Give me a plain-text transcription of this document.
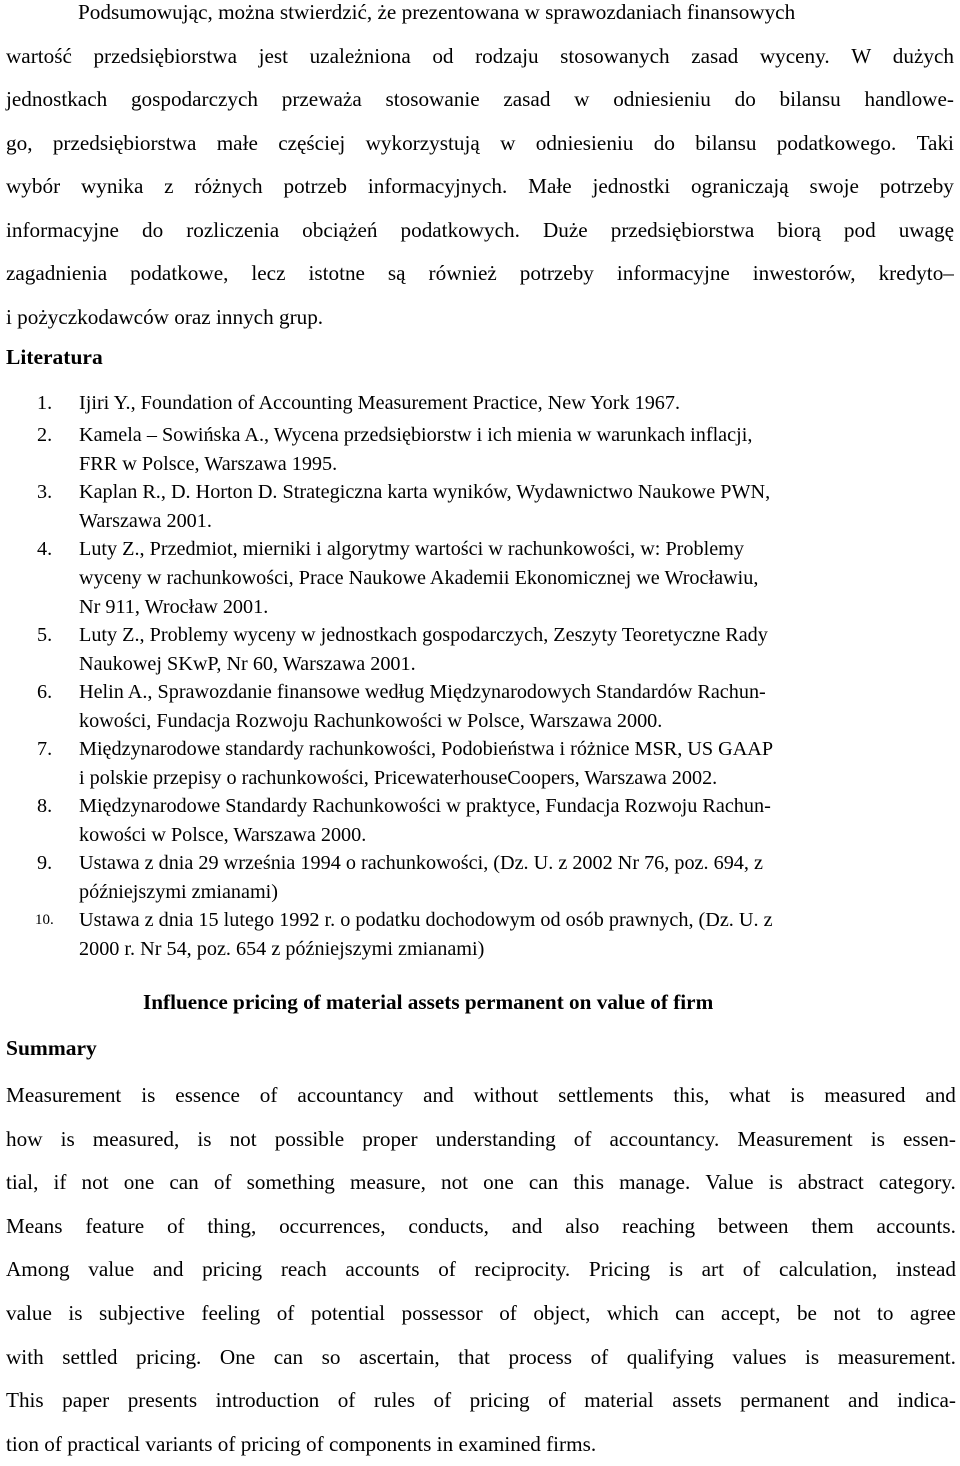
Podsumowując, można stwierdzić, że prezentowana w sprawozdaniach finansowych
wartość przedsiębiorstwa jest uzależniona od rodzaju stosowanych zasad wyceny. W dużych
jednostkach gospodarczych przeważa stosowanie zasad w odniesieniu do bilansu handlowe-
go, przedsiębiorstwa małe częściej wykorzystują w odniesieniu do bilansu podatkowego. Taki
wybór wynika z różnych potrzeb informacyjnych. Małe jednostki ograniczają swoje potrzeby
informacyjne do rozliczenia obciążeń podatkowych. Duże przedsiębiorstwa biorą pod uwagę
zagadnienia podatkowe, lecz istotne są również potrzeby informacyjne inwestorów, kredyto–
i pożyczkodawców oraz innych grup.
Literatura
1. Ijiri Y., Foundation of Accounting Measurement Practice, New York 1967.
2. Kamela – Sowińska A., Wycena przedsiębiorstw i ich mienia w warunkach inflacji,
FRR w Polsce, Warszawa 1995.
3. Kaplan R., D. Horton D. Strategiczna karta wyników, Wydawnictwo Naukowe PWN,
Warszawa 2001.
4. Luty Z., Przedmiot, mierniki i algorytmy wartości w rachunkowości, w: Problemy
wyceny w rachunkowości, Prace Naukowe Akademii Ekonomicznej we Wrocławiu,
Nr 911, Wrocław 2001.
5. Luty Z., Problemy wyceny w jednostkach gospodarczych, Zeszyty Teoretyczne Rady
Naukowej SKwP, Nr 60, Warszawa 2001.
6. Helin A., Sprawozdanie finansowe według Międzynarodowych Standardów Rachun-
kowości, Fundacja Rozwoju Rachunkowości w Polsce, Warszawa 2000.
7. Międzynarodowe standardy rachunkowości, Podobieństwa i różnice MSR, US GAAP
i polskie przepisy o rachunkowości, PricewaterhouseCoopers, Warszawa 2002.
8. Międzynarodowe Standardy Rachunkowości w praktyce, Fundacja Rozwoju Rachun-
kowości w Polsce, Warszawa 2000.
9. Ustawa z dnia 29 września 1994 o rachunkowości, (Dz. U. z 2002 Nr 76, poz. 694, z
późniejszymi zmianami)
10. Ustawa z dnia 15 lutego 1992 r. o podatku dochodowym od osób prawnych, (Dz. U. z
2000 r. Nr 54, poz. 654 z późniejszymi zmianami)
Influence pricing of material assets permanent on value of firm
Summary
Measurement is essence of accountancy and without settlements this, what is measured and
how is measured, is not possible proper understanding of accountancy. Measurement is essen-
tial, if not one can of something measure, not one can this manage. Value is abstract category.
Means feature of thing, occurrences, conducts, and also reaching between them accounts.
Among value and pricing reach accounts of reciprocity. Pricing is art of calculation, instead
value is subjective feeling of potential possessor of object, which can accept, be not to agree
with settled pricing. One can so ascertain, that process of qualifying values is measurement.
This paper presents introduction of rules of pricing of material assets permanent and indica-
tion of practical variants of pricing of components in examined firms.
